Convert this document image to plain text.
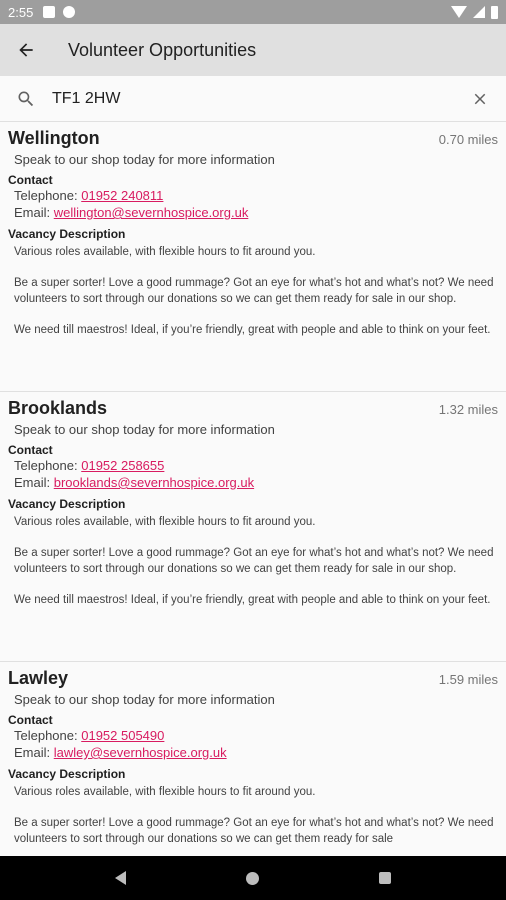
2:55
Volunteer Opportunities
TF1 2HW
Wellington	0.70 miles
Speak to our shop today for more information
Contact
Telephone: 01952 240811
Email: wellington@severnhospice.org.uk
Vacancy Description

Various roles available, with flexible hours to fit around you.

Be a super sorter! Love a good rummage? Got an eye for what’s hot and what’s not? We need volunteers to sort through our donations so we can get them ready for sale in our shop.

We need till maestros! Ideal, if you’re friendly, great with people and able to think on your feet.

Brooklands	1.32 miles
Speak to our shop today for more information
Contact
Telephone: 01952 258655
Email: brooklands@severnhospice.org.uk
Vacancy Description

Various roles available, with flexible hours to fit around you.

Be a super sorter! Love a good rummage? Got an eye for what’s hot and what’s not? We need volunteers to sort through our donations so we can get them ready for sale in our shop.

We need till maestros! Ideal, if you’re friendly, great with people and able to think on your feet.

Lawley	1.59 miles
Speak to our shop today for more information
Contact
Telephone: 01952 505490
Email: lawley@severnhospice.org.uk
Vacancy Description

Various roles available, with flexible hours to fit around you.

Be a super sorter! Love a good rummage? Got an eye for what’s hot and what’s not? We need volunteers to sort through our donations so we can get them ready for sale
